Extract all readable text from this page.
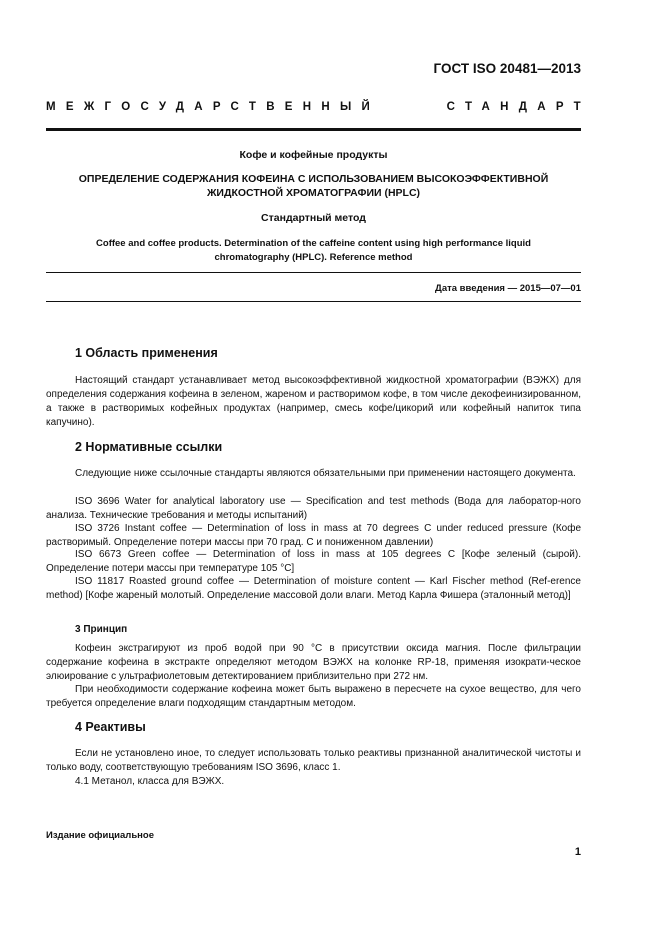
ГОСТ ISO 20481—2013
МЕЖГОСУДАРСТВЕННЫЙ	СТАНДАРТ
Кофе и кофейные продукты
ОПРЕДЕЛЕНИЕ СОДЕРЖАНИЯ КОФЕИНА С ИСПОЛЬЗОВАНИЕМ ВЫСОКОЭФФЕКТИВНОЙ
ЖИДКОСТНОЙ ХРОМАТОГРАФИИ (HPLC)
Стандартный метод
Coffee and coffee products. Determination of the caffeine content using high performance liquid
chromatography (HPLC). Reference method
Дата введения — 2015—07—01
1 Область применения

Настоящий стандарт устанавливает метод высокоэффективной жидкостной хроматографии (ВЭЖХ) для определения содержания кофеина в зеленом, жареном и растворимом кофе, в том числе декофеинизированном, а также в растворимых кофейных продуктах (например, смесь кофе/цикорий или кофейный напиток типа капучино).

2 Нормативные ссылки

Следующие ниже ссылочные стандарты являются обязательными при применении настоящего документа.

ISO 3696 Water for analytical laboratory use — Specification and test methods (Вода для лаборатор-ного анализа. Технические требования и методы испытаний)

ISO 3726 Instant coffee — Determination of loss in mass at 70 degrees C under reduced pressure (Кофе растворимый. Определение потери массы при 70 град. С и пониженном давлении)

ISO 6673 Green coffee — Determination of loss in mass at 105 degrees C [Кофе зеленый (сырой). Определение потери массы при температуре 105 °С]

ISO 11817 Roasted ground coffee — Determination of moisture content — Karl Fischer method (Ref-erence method) [Кофе жареный молотый. Определение массовой доли влаги. Метод Карла Фишера (эталонный метод)]

3 Принцип

Кофеин экстрагируют из проб водой при 90 °С в присутствии оксида магния. После фильтрации содержание кофеина в экстракте определяют методом ВЭЖХ на колонке RP-18, применяя изократи-ческое элюирование с ультрафиолетовым детектированием приблизительно при 272 нм.

При необходимости содержание кофеина может быть выражено в пересчете на сухое вещество, для чего требуется определение влаги подходящим стандартным методом.

4 Реактивы

Если не установлено иное, то следует использовать только реактивы признанной аналитической чистоты и только воду, соответствующую требованиям ISO 3696, класс 1.

4.1 Метанол, класса для ВЭЖХ.

Издание официальное
1
